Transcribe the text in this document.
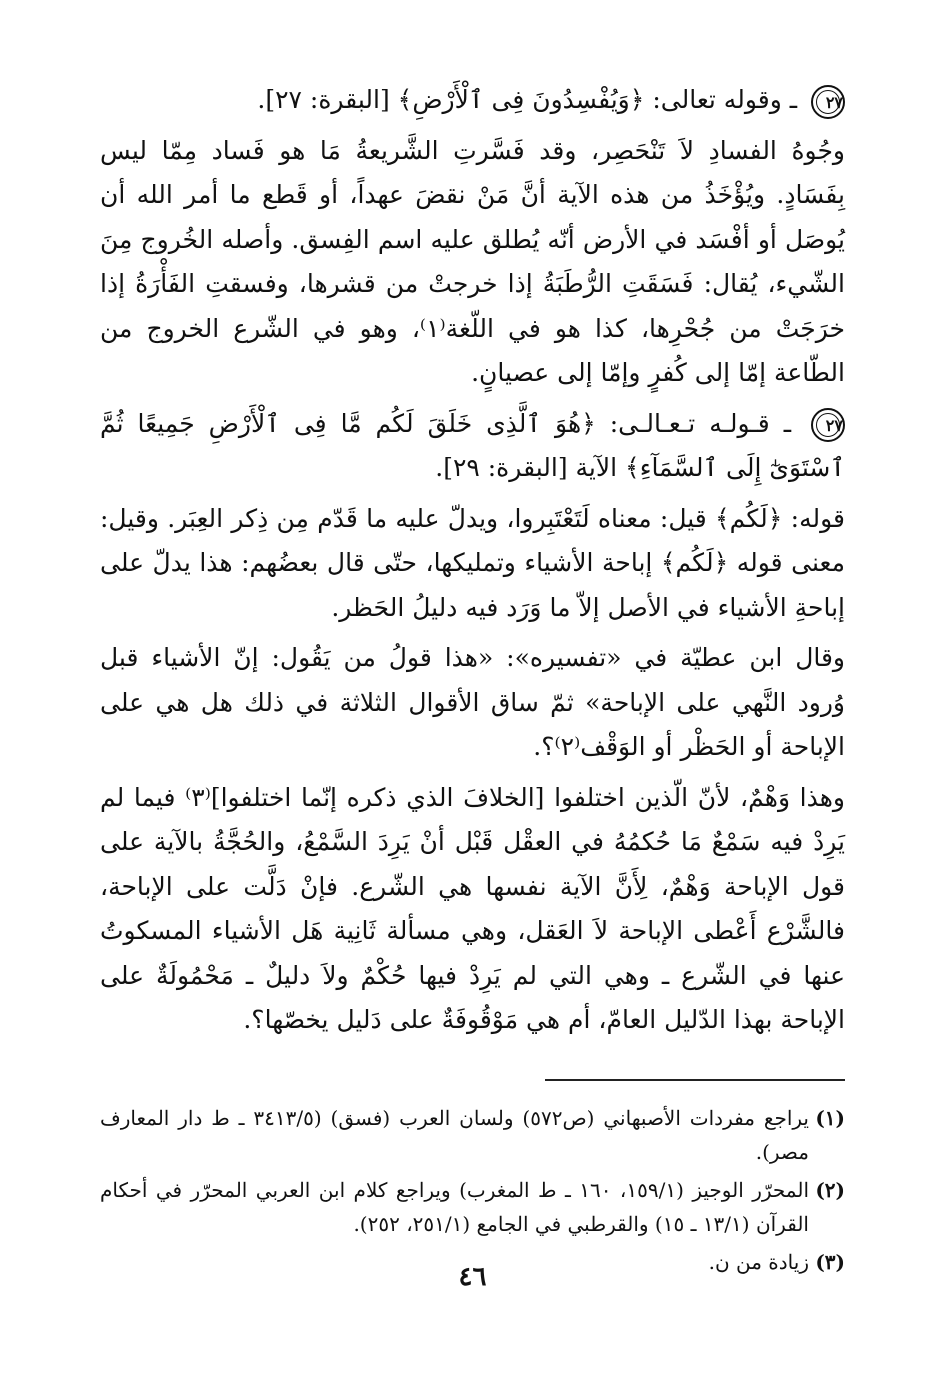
٢٧ ـ وقوله تعالى: ﴿وَيُفْسِدُونَ فِى ٱلْأَرْضِ﴾ [البقرة: ٢٧].

وجُوهُ الفسادِ لاَ تَنْحَصِر، وقد فَسَّرتِ الشَّريعةُ مَا هو فَساد مِمّا ليس بِفَسَادٍ. ويُؤْخَذُ من هذه الآية أنَّ مَنْ نقضَ عهداً، أو قَطع ما أمر الله أن يُوصَل أو أفْسَد في الأرض أنّه يُطلق عليه اسم الفِسق. وأصله الخُروج مِنَ الشّيء، يُقال: فَسَقَتِ الرُّطَبَةُ إذا خرجتْ من قشرها، وفسقتِ الفَأْرَةُ إذا خرَجَتْ من جُحْرِها، كذا هو في اللّغة⁽١⁾، وهو في الشّرع الخروج من الطّاعة إمّا إلى كُفرٍ وإمّا إلى عصيانٍ.

٢٧ ـ قـولـه تـعـالـى: ﴿هُوَ ٱلَّذِى خَلَقَ لَكُم مَّا فِى ٱلْأَرْضِ جَمِيعًا ثُمَّ ٱسْتَوَىٰٓ إِلَى ٱلسَّمَآءِ﴾ الآية [البقرة: ٢٩].

قوله: ﴿لَكُم﴾ قيل: معناه لَتَعْتَبِروا، ويدلّ عليه ما قَدّم مِن ذِكر العِبَر. وقيل: معنى قوله ﴿لَكُم﴾ إباحة الأشياء وتمليكها، حتّى قال بعضُهم: هذا يدلّ على إباحةِ الأشياء في الأصل إلاّ ما وَرَد فيه دليلُ الحَظر.

وقال ابن عطيّة في «تفسيره»: «هذا قولُ من يَقُول: إنّ الأشياء قبل وُرود النَّهي على الإباحة» ثمّ ساق الأقوال الثلاثة في ذلك هل هي على الإباحة أو الحَظْر أو الوَقْف⁽٢⁾؟.

وهذا وَهْمٌ، لأنّ الّذين اختلفوا [الخلافَ الذي ذكره إنّما اختلفوا]⁽٣⁾ فيما لم يَرِدْ فيه سَمْعٌ مَا حُكمُهُ في العقْل قَبْل أنْ يَرِدَ السَّمْعُ، والحُجَّةُ بالآية على قول الإباحة وَهْمٌ، لِأَنَّ الآية نفسها هي الشّرع. فإنْ دَلَّت على الإباحة، فالشَّرْع أَعْطى الإباحة لاَ العَقل، وهي مسألة ثَانِية هَل الأشياء المسكوتُ عنها في الشّرع ـ وهي التي لم يَرِدْ فيها حُكْمٌ ولاَ دليلٌ ـ مَحْمُولَةٌ على الإباحة بهذا الدّليل العامّ، أم هي مَوْقُوفَةٌ على دَليل يخصّها؟.

(١)
يراجع مفردات الأصبهاني (ص٥٧٢) ولسان العرب (فسق) (٣٤١٣/٥ ـ ط دار المعارف مصر).
(٢)
المحرّر الوجيز (١٥٩/١، ١٦٠ ـ ط المغرب) ويراجع كلام ابن العربي المحرّر في أحكام القرآن (١٣/١ ـ ١٥) والقرطبي في الجامع (٢٥١/١، ٢٥٢).
(٣)
زيادة من ن.
٤٦
